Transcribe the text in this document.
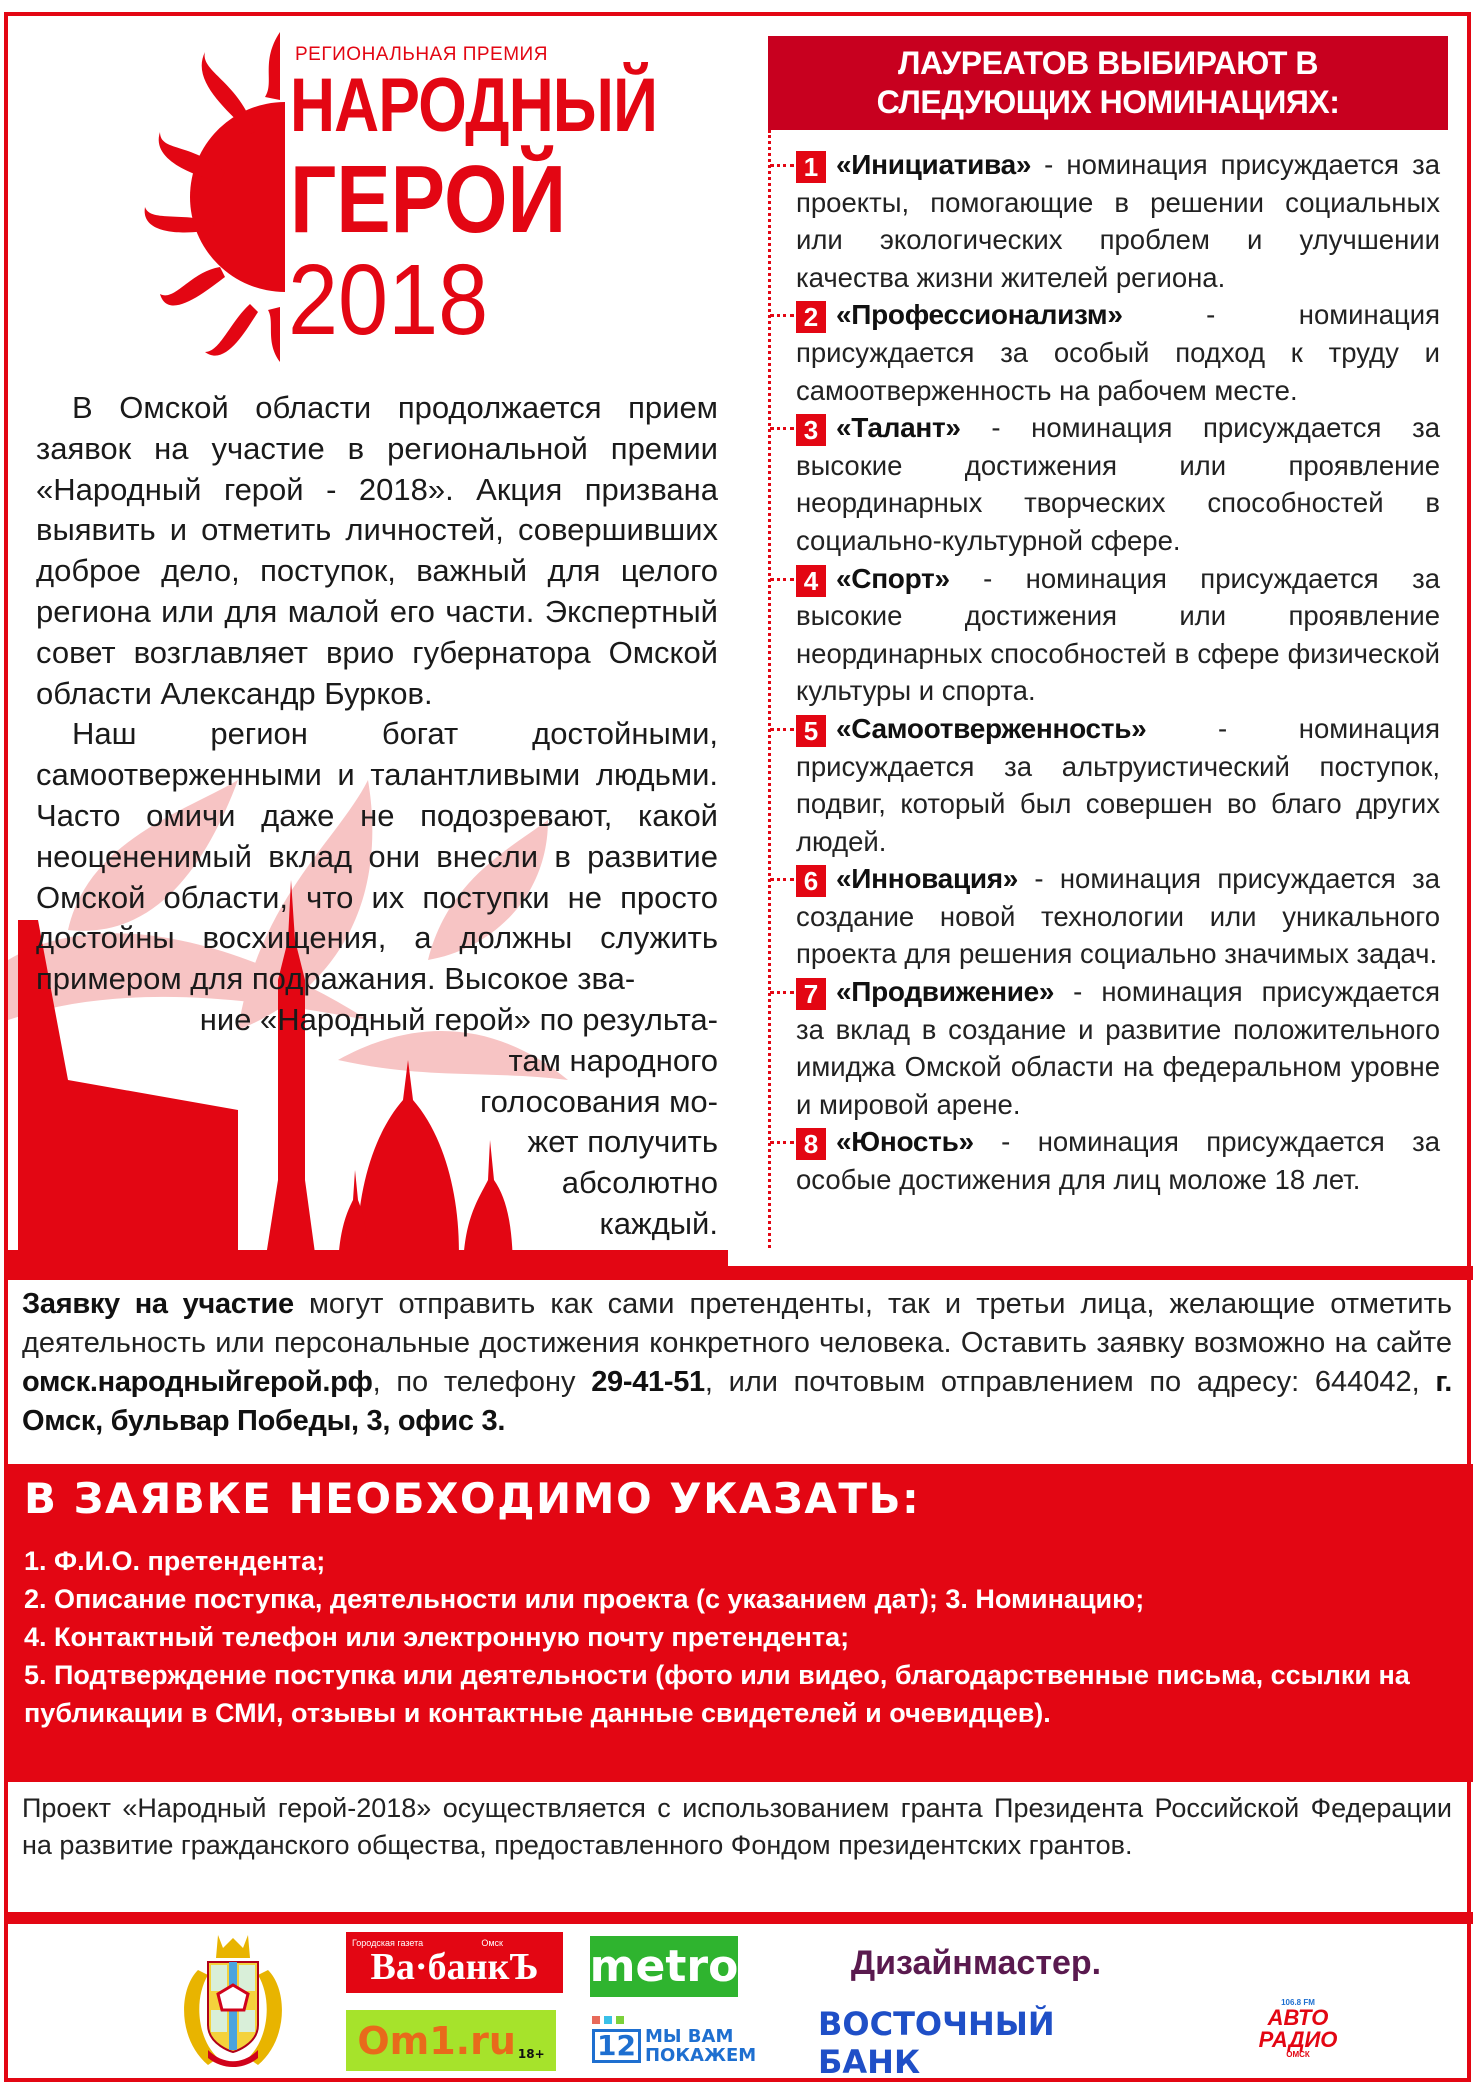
РЕГИОНАЛЬНАЯ ПРЕМИЯ
НАРОДНЫЙ
ГЕРОЙ
2018

В Омской области продолжается прием заявок на участие в региональной премии «Народный герой - 2018». Акция призвана выявить и отметить личностей, совершивших доброе дело, поступок, важный для целого региона или для малой его части. Экспертный совет возглавляет врио губернатора Омской области Александр Бурков.

Наш регион богат достойными, самоотверженными и талантливыми людьми. Часто омичи даже не подозревают, какой неоцененимый вклад они внесли в развитие Омской области, что их поступки не просто достойны восхищения, а должны служить примером для подражания. Высокое зва-

ние «Народный герой» по результа-
там народного
голосования мо-
жет получить
абсолютно
каждый.
ЛАУРЕАТОВ ВЫБИРАЮТ В
СЛЕДУЮЩИХ НОМИНАЦИЯХ:
1 «Инициатива» - номинация присуждается за проекты, помогающие в решении социальных или экологических проблем и улучшении качества жизни жителей региона.
2 «Профессионализм» - номинация присуждается за особый подход к труду и самоотверженность на рабочем месте.
3 «Талант» - номинация присуждается за высокие достижения или проявление неординарных творческих способностей в социально-культурной сфере.
4 «Спорт» - номинация присуждается за высокие достижения или проявление неординарных способностей в сфере физической культуры и спорта.
5 «Самоотверженность» - номинация присуждается за альтруистический поступок, подвиг, который был совершен во благо других людей.
6 «Инновация» - номинация присуждается за создание новой технологии или уникального проекта для решения социально значимых задач.
7 «Продвижение» - номинация присуждается за вклад в создание и развитие положительного имиджа Омской области на федеральном уровне и мировой арене.
8 «Юность» - номинация присуждается за особые достижения для лиц моложе 18 лет.
Заявку на участие могут отправить как сами претенденты, так и третьи лица, желающие отметить деятельность или персональные достижения конкретного человека. Оставить заявку возможно на сайте омск.народныйгерой.рф, по телефону 29-41-51, или почтовым отправлением по адресу: 644042, г. Омск, бульвар Победы, 3, офис 3.
В ЗАЯВКЕ НЕОБХОДИМО УКАЗАТЬ:
1. Ф.И.О. претендента;
2. Описание поступка, деятельности или проекта (с указанием дат); 3. Номинацию;
4. Контактный телефон или электронную почту претендента;
5. Подтверждение поступка или деятельности (фото или видео, благодарственные письма, ссылки на публикации в СМИ, отзывы и контактные данные свидетелей и очевидцев).
Проект «Народный герой-2018» осуществляется с использованием гранта Президента Российской Федерации на развитие гражданского общества, предоставленного Фондом президентских грантов.
Городская газета	Омск
Ва·банкЪ metro	Дизайнмастер.
Om1.ru 18+ 12 МЫ ВАМ
ПОКАЖЕМ
ВОСТОЧНЫЙ БАНК
106.8 FM
АВТО
РАДИО
ОМСК
